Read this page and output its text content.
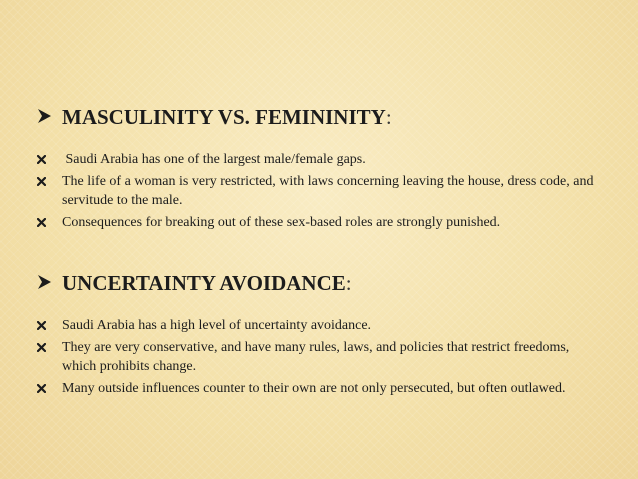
MASCULINITY VS. FEMININITY:
Saudi Arabia has one of the largest male/female gaps.
The life of a woman is very restricted, with laws concerning leaving the house, dress code, and servitude to the male.
Consequences for breaking out of these sex-based roles are strongly punished.
UNCERTAINTY AVOIDANCE:
Saudi Arabia has a high level of uncertainty avoidance.
They are very conservative, and have many rules, laws, and policies that restrict freedoms, which prohibits change.
Many outside influences counter to their own are not only persecuted, but often outlawed.
